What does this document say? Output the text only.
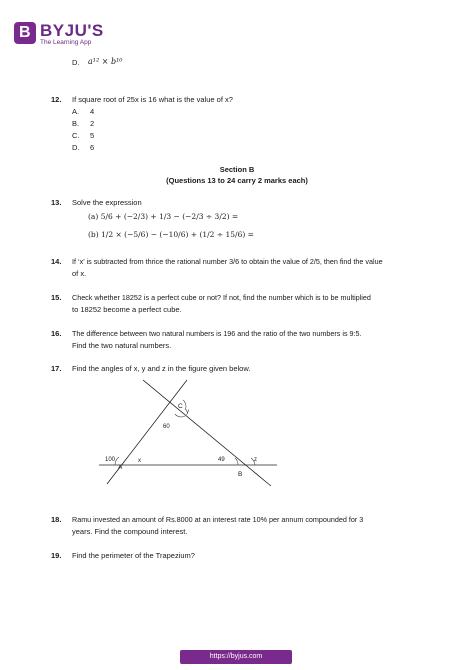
B BYJU'S
The Learning App
D. a¹² × b¹⁰
12. If square root of 25x is 16 what is the value of x?
A. 4
B. 2
C. 5
D. 6
Section B
(Questions 13 to 24 carry 2 marks each)
13. Solve the expression
(a) 5/6 + (−2/3) + 1/3 − (−2/3 ÷ 3/2) =
(b) 1/2 × (−5/6) − (−10/6) + (1/2 ÷ 15/6) =
14. If ‘x’ is subtracted from thrice the rational number 3/6 to obtain the value of 2/5, then find the value
of x.
15. Check whether 18252 is a perfect cube or not? If not, find the number which is to be multiplied
to 18252 become a perfect cube.
16. The difference between two natural numbers is 196 and the ratio of the two numbers is 9:5.
Find the two natural numbers.
17. Find the angles of x, y and z in the figure given below.
C
y
60
100
A
x	49	z
B
18. Ramu invested an amount of Rs.8000 at an interest rate 10% per annum compounded for 3
years. Find the compound interest.
19. Find the perimeter of the Trapezium?
https://byjus.com
